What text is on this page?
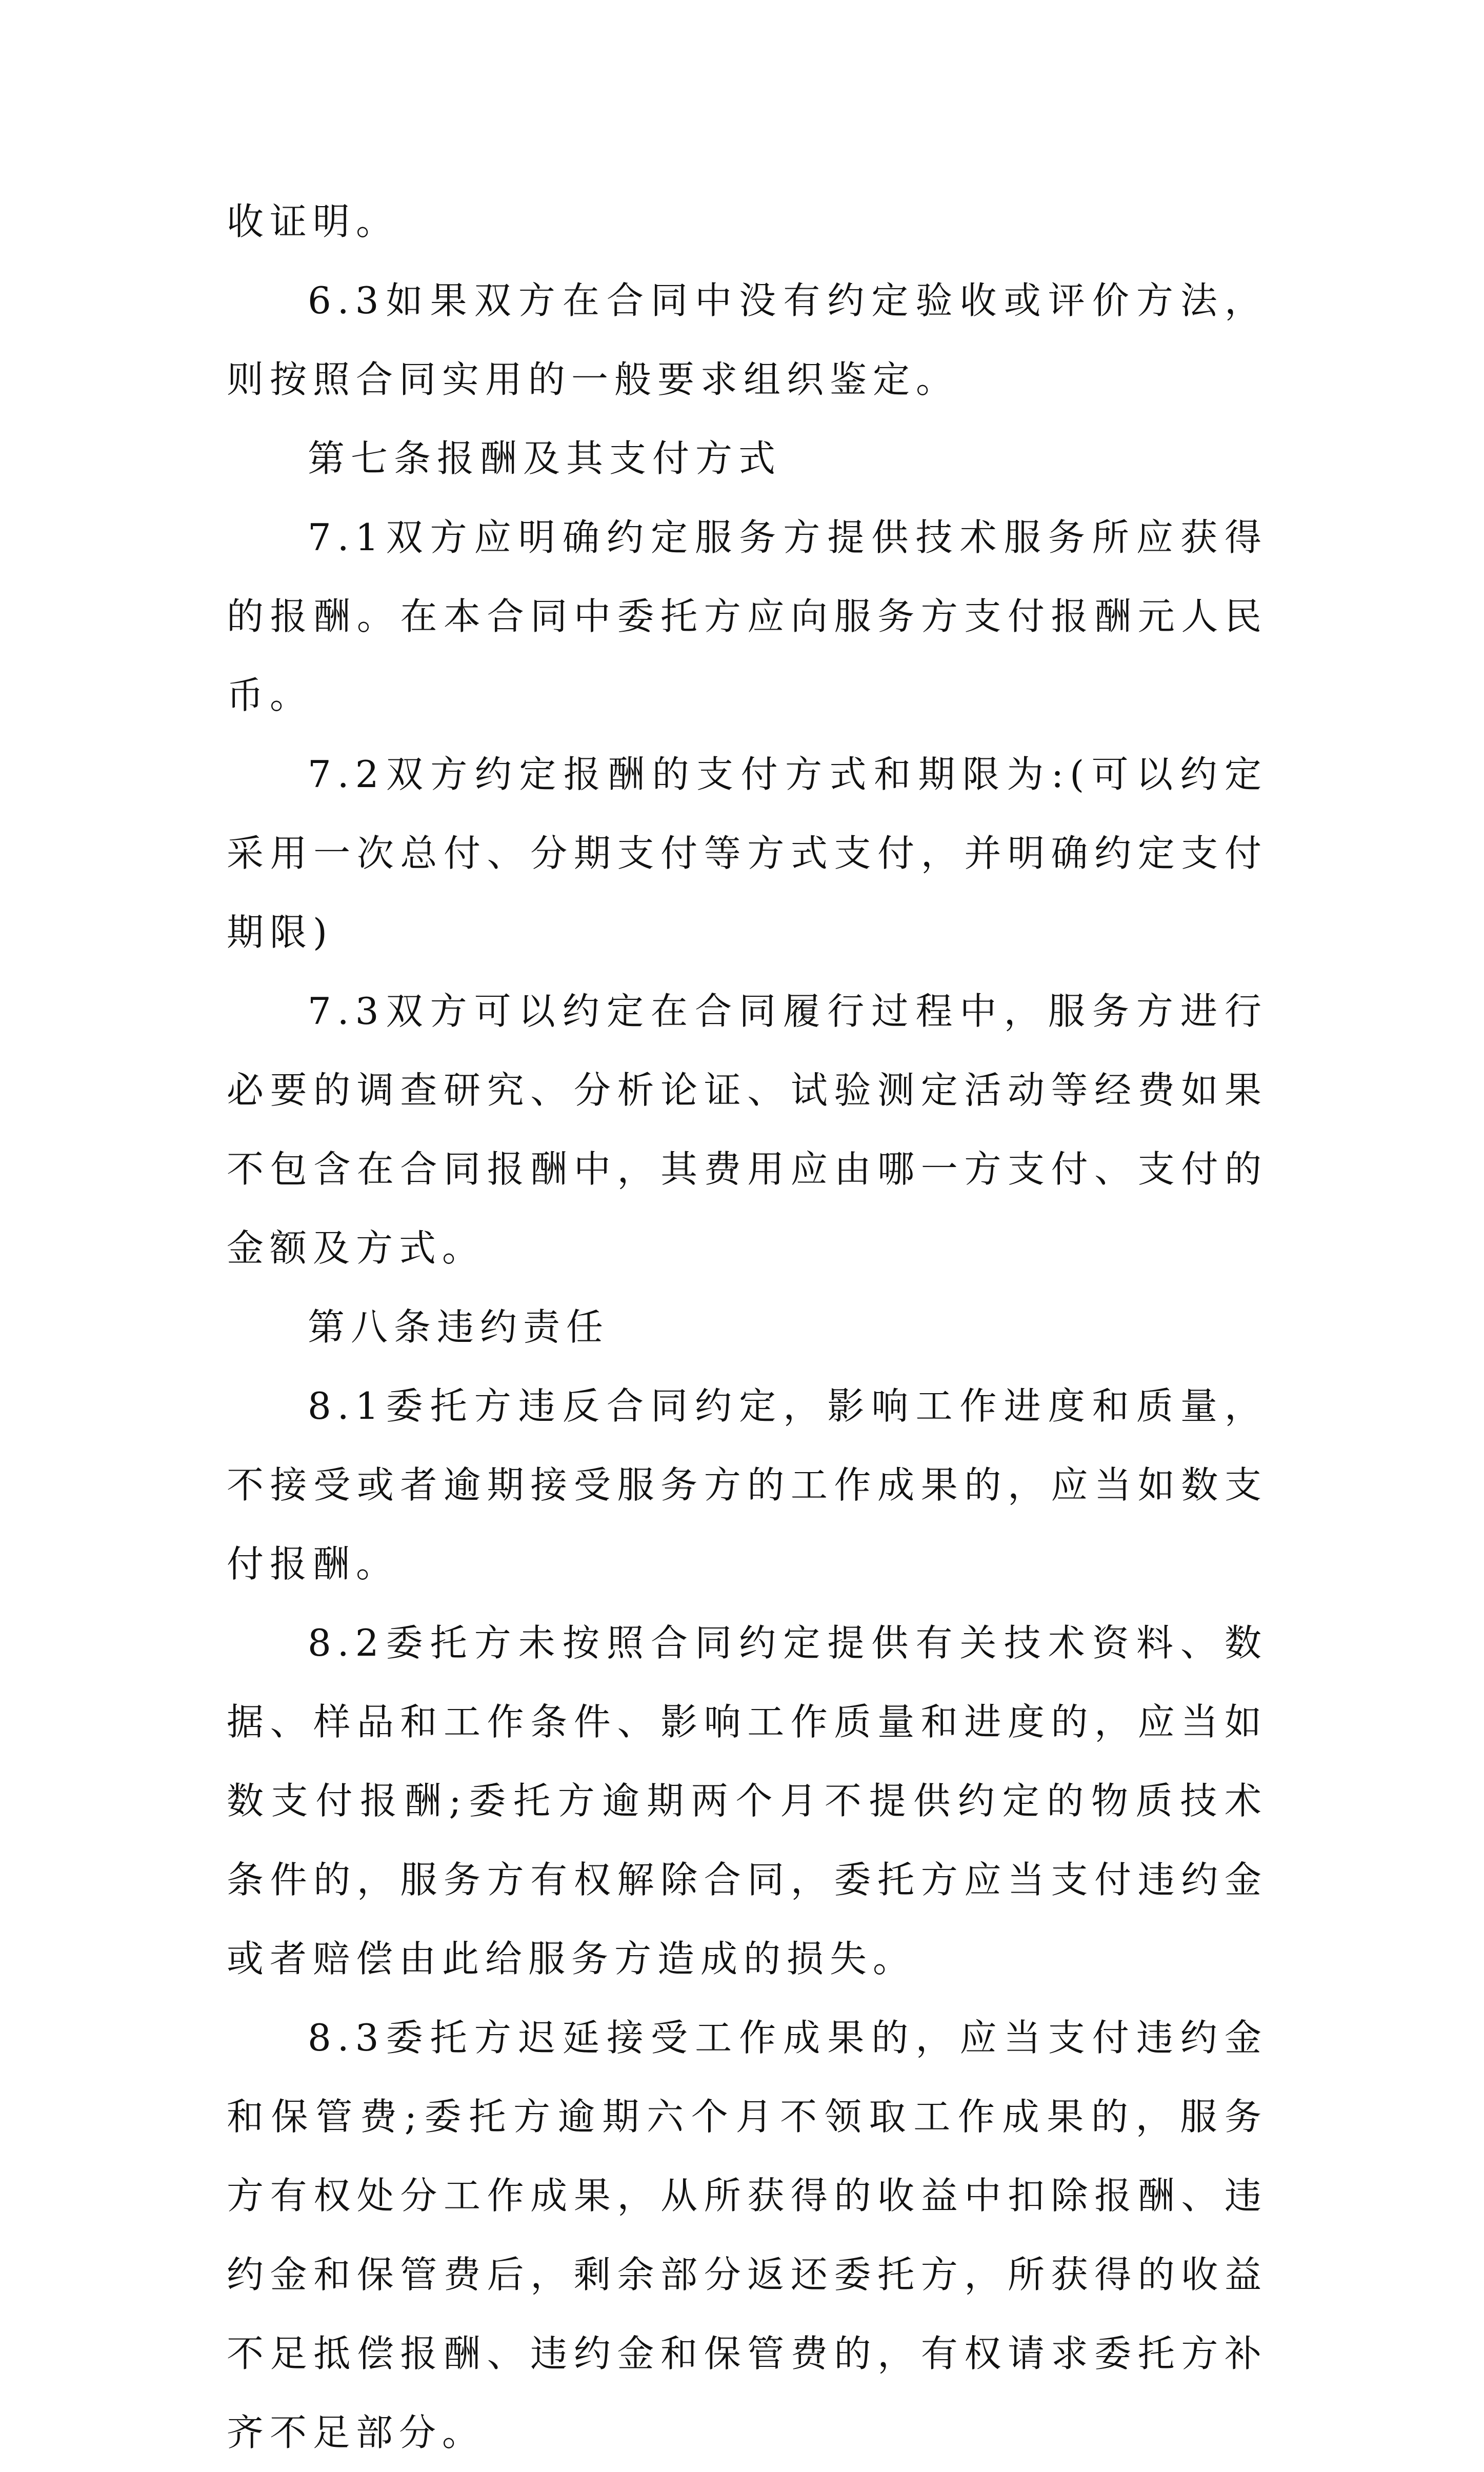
收证明。

6.3如果双方在合同中没有约定验收或评价方法，则按照合同实用的一般要求组织鉴定。

第七条报酬及其支付方式

7.1双方应明确约定服务方提供技术服务所应获得的报酬。在本合同中委托方应向服务方支付报酬元人民币。

7.2双方约定报酬的支付方式和期限为:(可以约定采用一次总付、分期支付等方式支付，并明确约定支付期限)

7.3双方可以约定在合同履行过程中，服务方进行必要的调查研究、分析论证、试验测定活动等经费如果不包含在合同报酬中，其费用应由哪一方支付、支付的金额及方式。

第八条违约责任

8.1委托方违反合同约定，影响工作进度和质量，不接受或者逾期接受服务方的工作成果的，应当如数支付报酬。

8.2委托方未按照合同约定提供有关技术资料、数据、样品和工作条件、影响工作质量和进度的，应当如数支付报酬;委托方逾期两个月不提供约定的物质技术条件的，服务方有权解除合同，委托方应当支付违约金或者赔偿由此给服务方造成的损失。

8.3委托方迟延接受工作成果的，应当支付违约金和保管费;委托方逾期六个月不领取工作成果的，服务方有权处分工作成果，从所获得的收益中扣除报酬、违约金和保管费后，剩余部分返还委托方，所获得的收益不足抵偿报酬、违约金和保管费的，有权请求委托方补齐不足部分。
